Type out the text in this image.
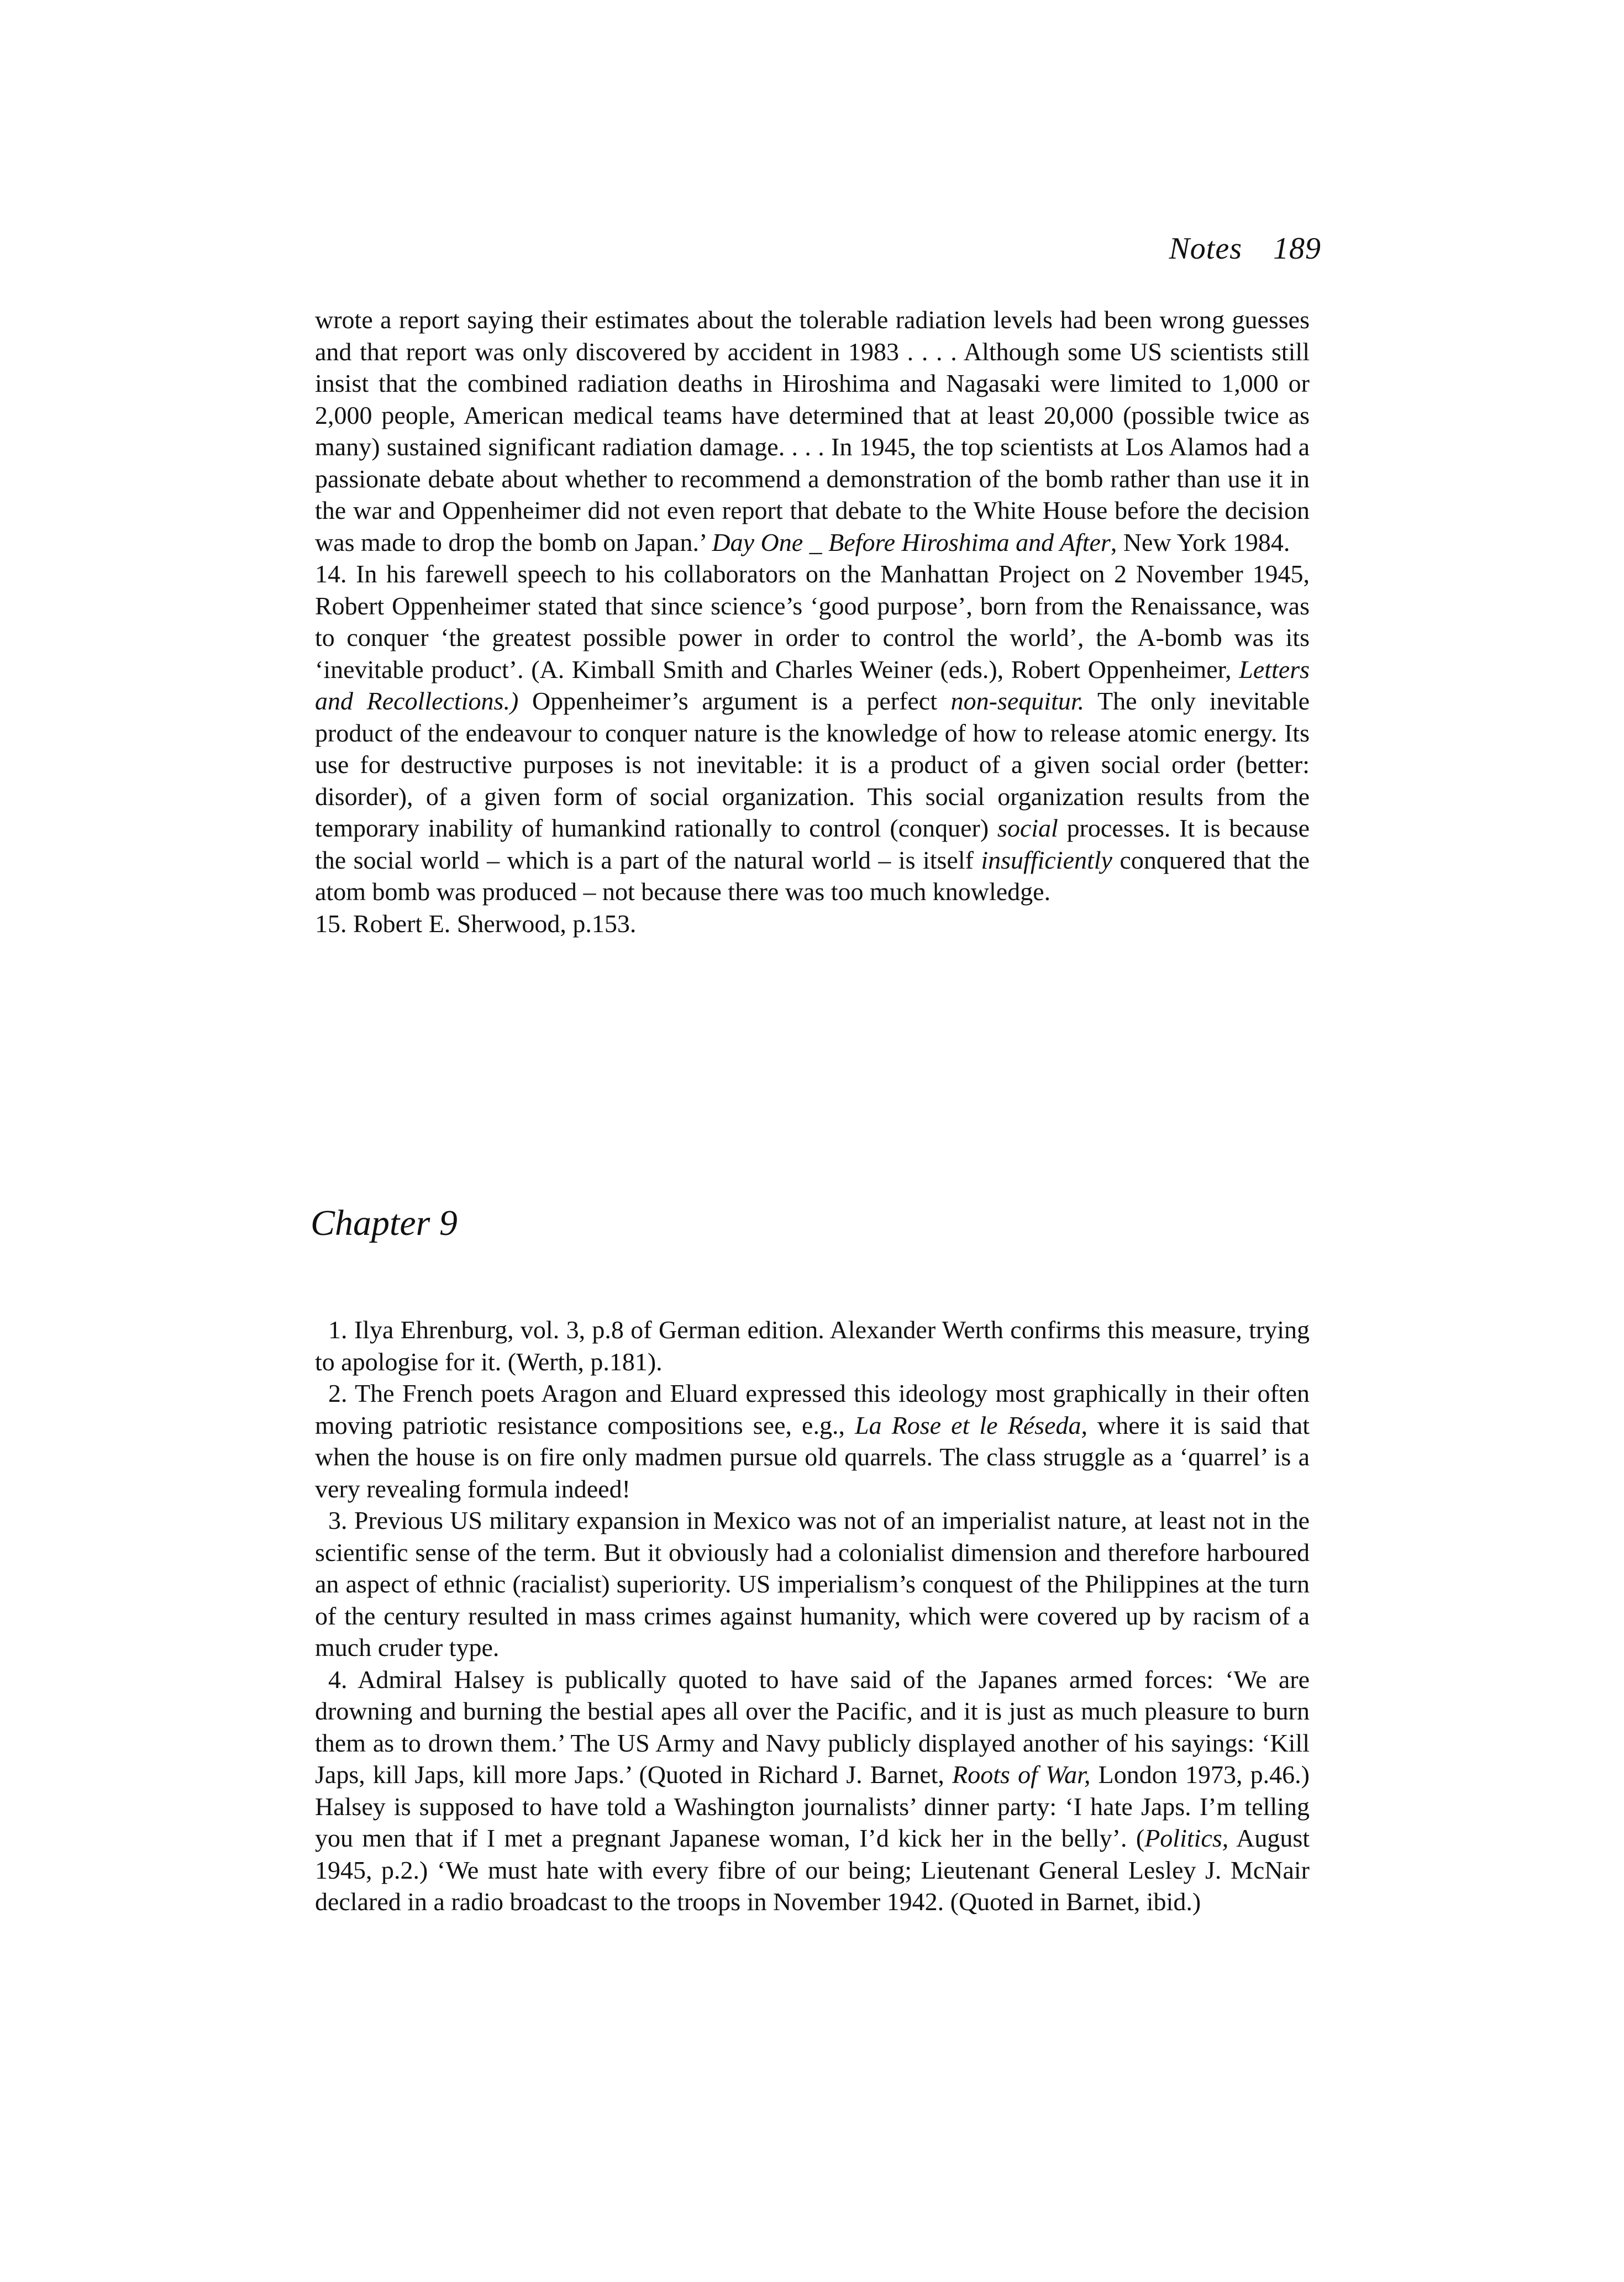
Notes 189

wrote a report saying their estimates about the tolerable radiation levels had been wrong guesses and that report was only discovered by accident in 1983 . . . . Although some US scientists still insist that the combined radiation deaths in Hiroshima and Nagasaki were limited to 1,000 or 2,000 people, American medical teams have determined that at least 20,000 (possible twice as many) sustained significant radiation damage. . . . In 1945, the top scientists at Los Alamos had a passionate debate about whether to recommend a demonstration of the bomb rather than use it in the war and Oppenheimer did not even report that debate to the White House before the decision was made to drop the bomb on Japan.’ Day One _ Before Hiroshima and After, New York 1984.

14. In his farewell speech to his collaborators on the Manhattan Project on 2 November 1945, Robert Oppenheimer stated that since science’s ‘good purpose’, born from the Renaissance, was to conquer ‘the greatest possible power in order to control the world’, the A-bomb was its ‘inevitable product’. (A. Kimball Smith and Charles Weiner (eds.), Robert Oppenheimer, Letters and Recollections.) Oppenheimer’s argument is a perfect non-sequitur. The only inevitable product of the endeavour to conquer nature is the knowledge of how to release atomic energy. Its use for destructive purposes is not inevitable: it is a product of a given social order (better: disorder), of a given form of social organization. This social organization results from the temporary inability of humankind rationally to control (conquer) social processes. It is because the social world – which is a part of the natural world – is itself insufficiently conquered that the atom bomb was produced – not because there was too much knowledge.

15. Robert E. Sherwood, p.153.

Chapter 9

1. Ilya Ehrenburg, vol. 3, p.8 of German edition. Alexander Werth confirms this measure, trying to apologise for it. (Werth, p.181).

2. The French poets Aragon and Eluard expressed this ideology most graphically in their often moving patriotic resistance compositions see, e.g., La Rose et le Réseda, where it is said that when the house is on fire only madmen pursue old quarrels. The class struggle as a ‘quarrel’ is a very revealing formula indeed!

3. Previous US military expansion in Mexico was not of an imperialist nature, at least not in the scientific sense of the term. But it obviously had a colonialist dimension and therefore harboured an aspect of ethnic (racialist) superiority. US imperialism’s conquest of the Philippines at the turn of the century resulted in mass crimes against humanity, which were covered up by racism of a much cruder type.

4. Admiral Halsey is publically quoted to have said of the Japanes armed forces: ‘We are drowning and burning the bestial apes all over the Pacific, and it is just as much pleasure to burn them as to drown them.’ The US Army and Navy publicly displayed another of his sayings: ‘Kill Japs, kill Japs, kill more Japs.’ (Quoted in Richard J. Barnet, Roots of War, London 1973, p.46.) Halsey is supposed to have told a Washington journalists’ dinner party: ‘I hate Japs. I’m telling you men that if I met a pregnant Japanese woman, I’d kick her in the belly’. (Politics, August 1945, p.2.) ‘We must hate with every fibre of our being; Lieutenant General Lesley J. McNair declared in a radio broadcast to the troops in November 1942. (Quoted in Barnet, ibid.)
